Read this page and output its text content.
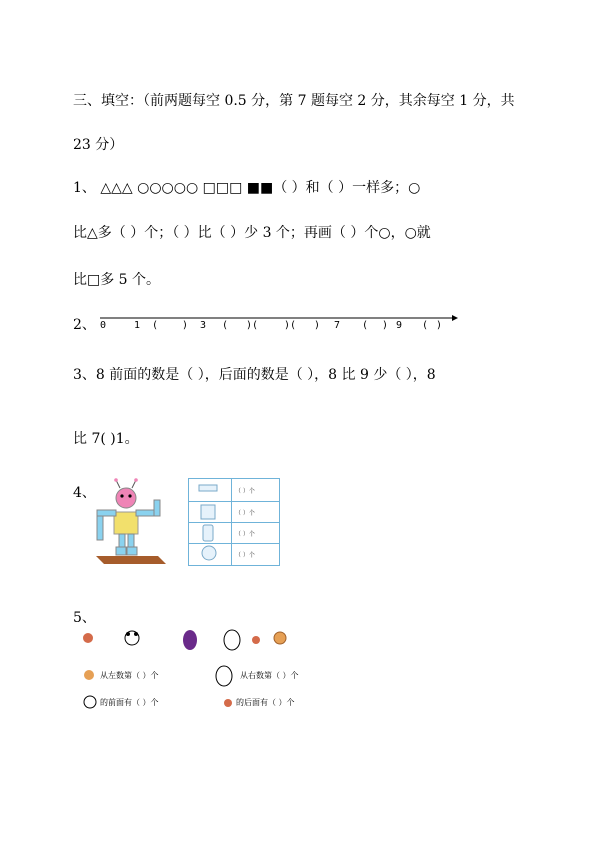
三、填空：（前两题每空 0.5 分，第 7 题每空 2 分，其余每空 1 分，共
23 分）
1、 △△△ ○○○○○ □□□ ■■（ ）和（ ）一样多；○
比△多（ ）个；（ ）比（ ）少 3 个；再画（ ）个○，○就
比□多 5 个。
2、 0	1 ( ) 3 ( )(	)( ) 7 ( ) 9 ( )
3、8 前面的数是（ ），后面的数是（ ），8 比 9 少（ ），8
比 7( )1。
4、	（ ）个
（ ）个
（ ）个
（ ）个
5、
从左数第（ ）个	从右数第（ ）个
的前面有（ ）个	的后面有（ ）个
